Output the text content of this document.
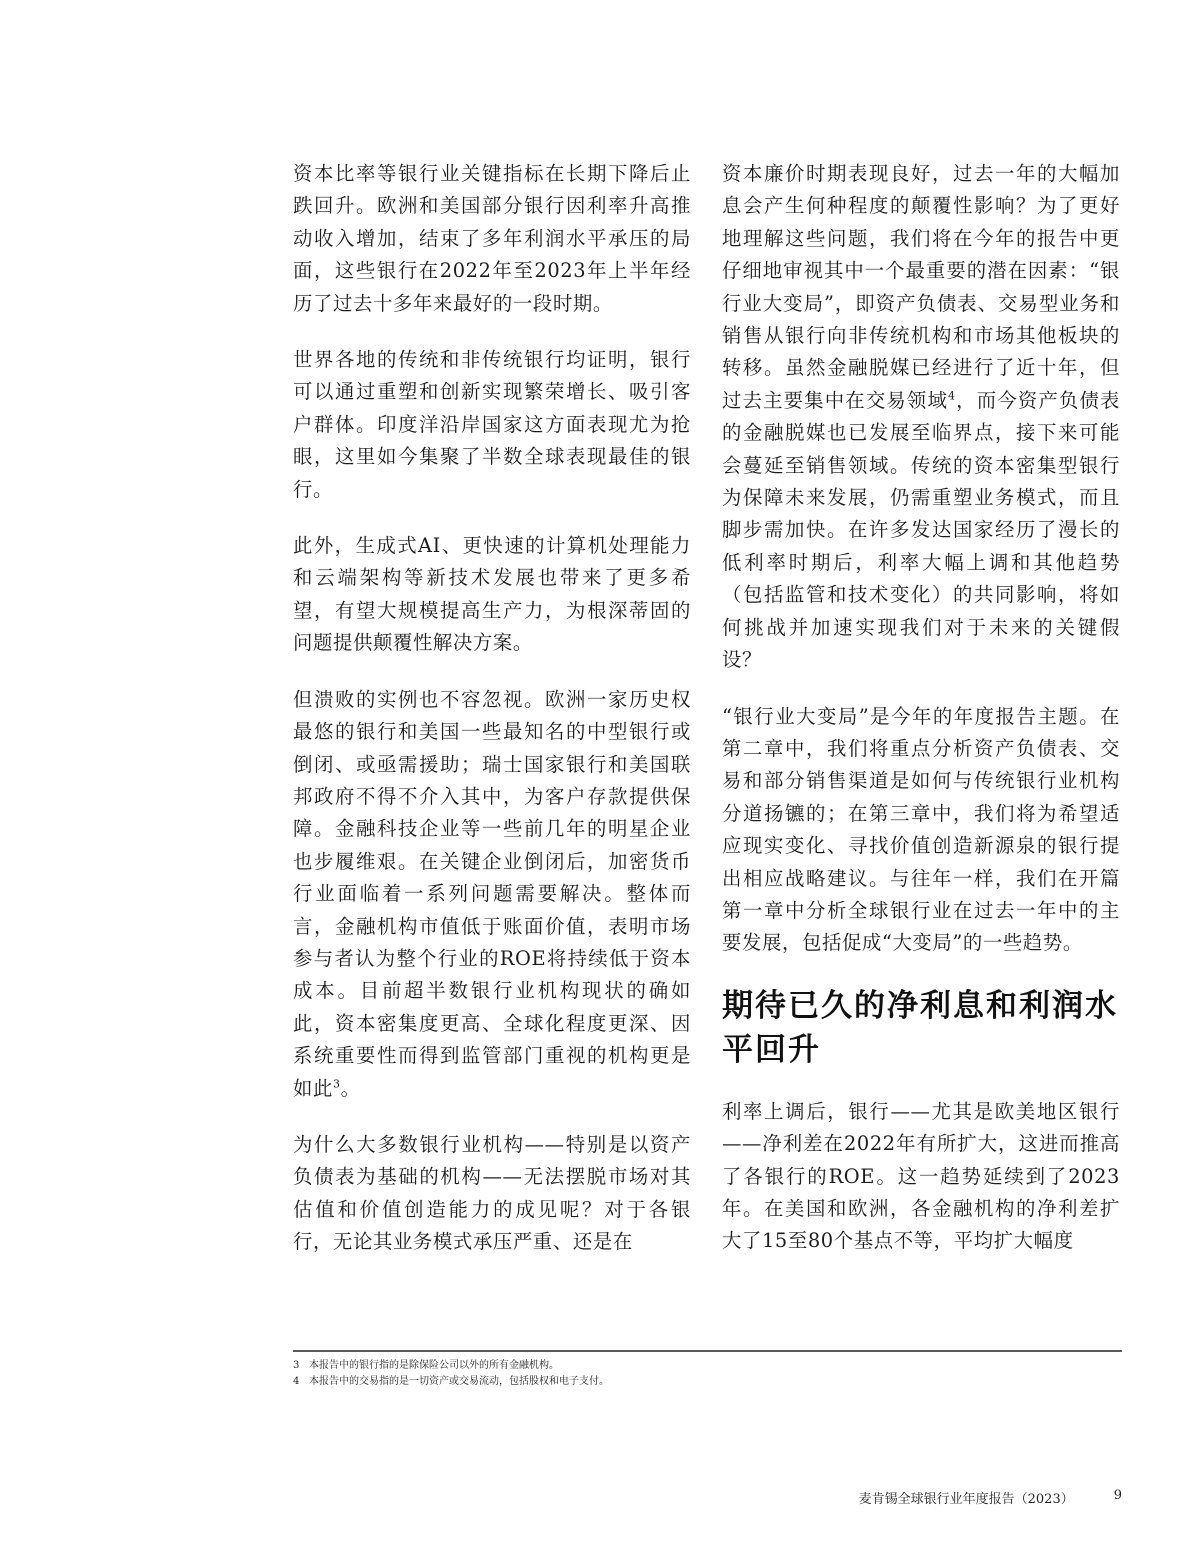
资本比率等银行业关键指标在长期下降后止跌回升。欧洲和美国部分银行因利率升高推动收入增加，结束了多年利润水平承压的局面，这些银行在2022年至2023年上半年经历了过去十多年来最好的一段时期。

世界各地的传统和非传统银行均证明，银行可以通过重塑和创新实现繁荣增长、吸引客户群体。印度洋沿岸国家这方面表现尤为抢眼，这里如今集聚了半数全球表现最佳的银行。

此外，生成式AI、更快速的计算机处理能力和云端架构等新技术发展也带来了更多希望，有望大规模提高生产力，为根深蒂固的问题提供颠覆性解决方案。

但溃败的实例也不容忽视。欧洲一家历史权最悠的银行和美国一些最知名的中型银行或倒闭、或亟需援助；瑞士国家银行和美国联邦政府不得不介入其中，为客户存款提供保障。金融科技企业等一些前几年的明星企业也步履维艰。在关键企业倒闭后，加密货币行业面临着一系列问题需要解决。整体而言，金融机构市值低于账面价值，表明市场参与者认为整个行业的ROE将持续低于资本成本。目前超半数银行业机构现状的确如此，资本密集度更高、全球化程度更深、因系统重要性而得到监管部门重视的机构更是如此$^3$。

为什么大多数银行业机构——特别是以资产负债表为基础的机构——无法摆脱市场对其估值和价值创造能力的成见呢？对于各银行，无论其业务模式承压严重、还是在

资本廉价时期表现良好，过去一年的大幅加息会产生何种程度的颠覆性影响？为了更好地理解这些问题，我们将在今年的报告中更仔细地审视其中一个最重要的潜在因素：“银行业大变局”，即资产负债表、交易型业务和销售从银行向非传统机构和市场其他板块的转移。虽然金融脱媒已经进行了近十年，但过去主要集中在交易领域$^4$，而今资产负债表的金融脱媒也已发展至临界点，接下来可能会蔓延至销售领域。传统的资本密集型银行为保障未来发展，仍需重塑业务模式，而且脚步需加快。在许多发达国家经历了漫长的低利率时期后，利率大幅上调和其他趋势（包括监管和技术变化）的共同影响，将如何挑战并加速实现我们对于未来的关键假设？

“银行业大变局”是今年的年度报告主题。在第二章中，我们将重点分析资产负债表、交易和部分销售渠道是如何与传统银行业机构分道扬镳的；在第三章中，我们将为希望适应现实变化、寻找价值创造新源泉的银行提出相应战略建议。与往年一样，我们在开篇第一章中分析全球银行业在过去一年中的主要发展，包括促成“大变局”的一些趋势。

期待已久的净利息和利润水平回升

利率上调后，银行——尤其是欧美地区银行——净利差在2022年有所扩大，这进而推高了各银行的ROE。这一趋势延续到了2023年。在美国和欧洲，各金融机构的净利差扩大了15至80个基点不等，平均扩大幅度

3 本报告中的银行指的是除保险公司以外的所有金融机构。
4 本报告中的交易指的是一切资产或交易流动，包括股权和电子支付。
麦肯锡全球银行业年度报告（2023）	9
